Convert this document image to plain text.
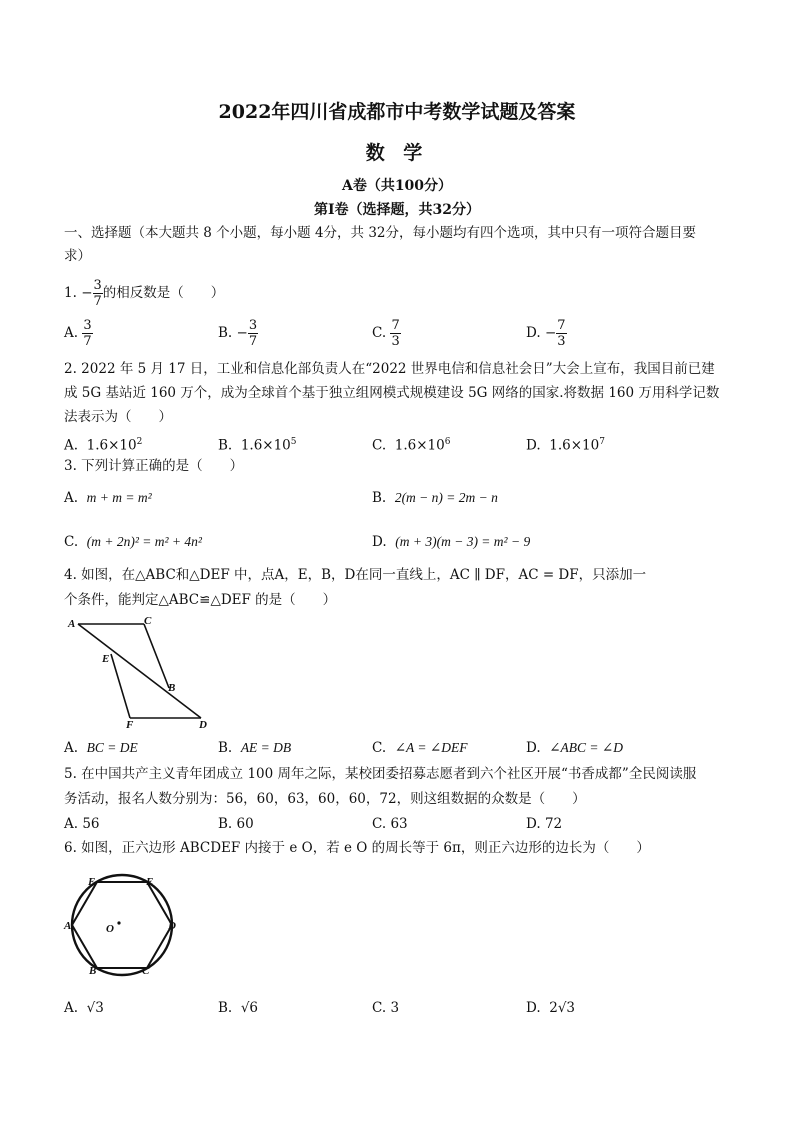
2022年四川省成都市中考数学试题及答案
数 学
A卷（共100分）
第Ⅰ卷（选择题，共32分）
一、选择题（本大题共 8 个小题，每小题 4分，共 32分，每小题均有四个选项，其中只有一项符合题目要
求）
1. − $\frac{3}{7}$ 的相反数是（　　）
A. $\frac{3}{7}$	B. − $\frac{3}{7}$	C. $\frac{7}{3}$	D. − $\frac{7}{3}$
2. 2022 年 5 月 17 日，工业和信息化部负责人在“2022 世界电信和信息社会日”大会上宣布，我国目前已建
成 5G 基站近 160 万个，成为全球首个基于独立组网模式规模建设 5G 网络的国家.将数据 160 万用科学记数
法表示为（　　）
A. $1.6\times 10^2$	B. $1.6\times 10^5$	C. $1.6\times 10^6$	D. $1.6\times 10^7$
3. 下列计算正确的是（　　）
A. m + m = m²	B. 2(m − n) = 2m − n
C. (m + 2n)² = m² + 4n²	D. (m + 3)(m − 3) = m² − 9
4. 如图，在△ABC和△DEF 中，点A，E，B，D在同一直线上，AC ∥ DF，AC = DF，只添加一
个条件，能判定△ABC≌△DEF 的是（　　）
A	C
E
B
F	D
A. BC = DE	B. AE = DB	C. ∠A = ∠DEF	D. ∠ABC = ∠D
5. 在中国共产主义青年团成立 100 周年之际，某校团委招募志愿者到六个社区开展“书香成都”全民阅读服
务活动，报名人数分别为：56，60，63，60，60，72，则这组数据的众数是（　　）
A. 56	B. 60	C. 63	D. 72
6. 如图，正六边形 ABCDEF 内接于 e O，若 e O 的周长等于 6π，则正六边形的边长为（　　）
E	E
A	D
B	C
O
A. √3	B. √6	C. 3	D. 2√3
